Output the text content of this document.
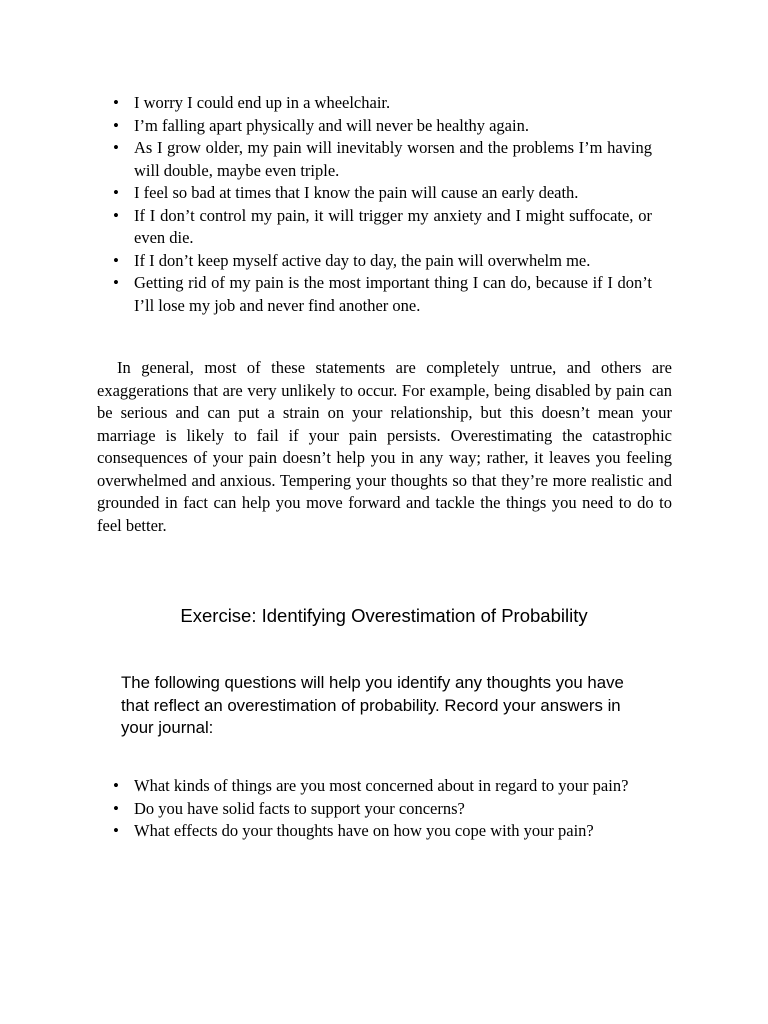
• I worry I could end up in a wheelchair.
• I’m falling apart physically and will never be healthy again.
• As I grow older, my pain will inevitably worsen and the problems I’m having will double, maybe even triple.
• I feel so bad at times that I know the pain will cause an early death.
• If I don’t control my pain, it will trigger my anxiety and I might suffocate, or even die.
• If I don’t keep myself active day to day, the pain will overwhelm me.
• Getting rid of my pain is the most important thing I can do, because if I don’t I’ll lose my job and never find another one.

In general, most of these statements are completely untrue, and others are exaggerations that are very unlikely to occur. For example, being disabled by pain can be serious and can put a strain on your relationship, but this doesn’t mean your marriage is likely to fail if your pain persists. Overestimating the catastrophic consequences of your pain doesn’t help you in any way; rather, it leaves you feeling overwhelmed and anxious. Tempering your thoughts so that they’re more realistic and grounded in fact can help you move forward and tackle the things you need to do to feel better.

Exercise: Identifying Overestimation of Probability

The following questions will help you identify any thoughts you have that reflect an overestimation of probability. Record your answers in your journal:

• What kinds of things are you most concerned about in regard to your pain?
• Do you have solid facts to support your concerns?
• What effects do your thoughts have on how you cope with your pain?
